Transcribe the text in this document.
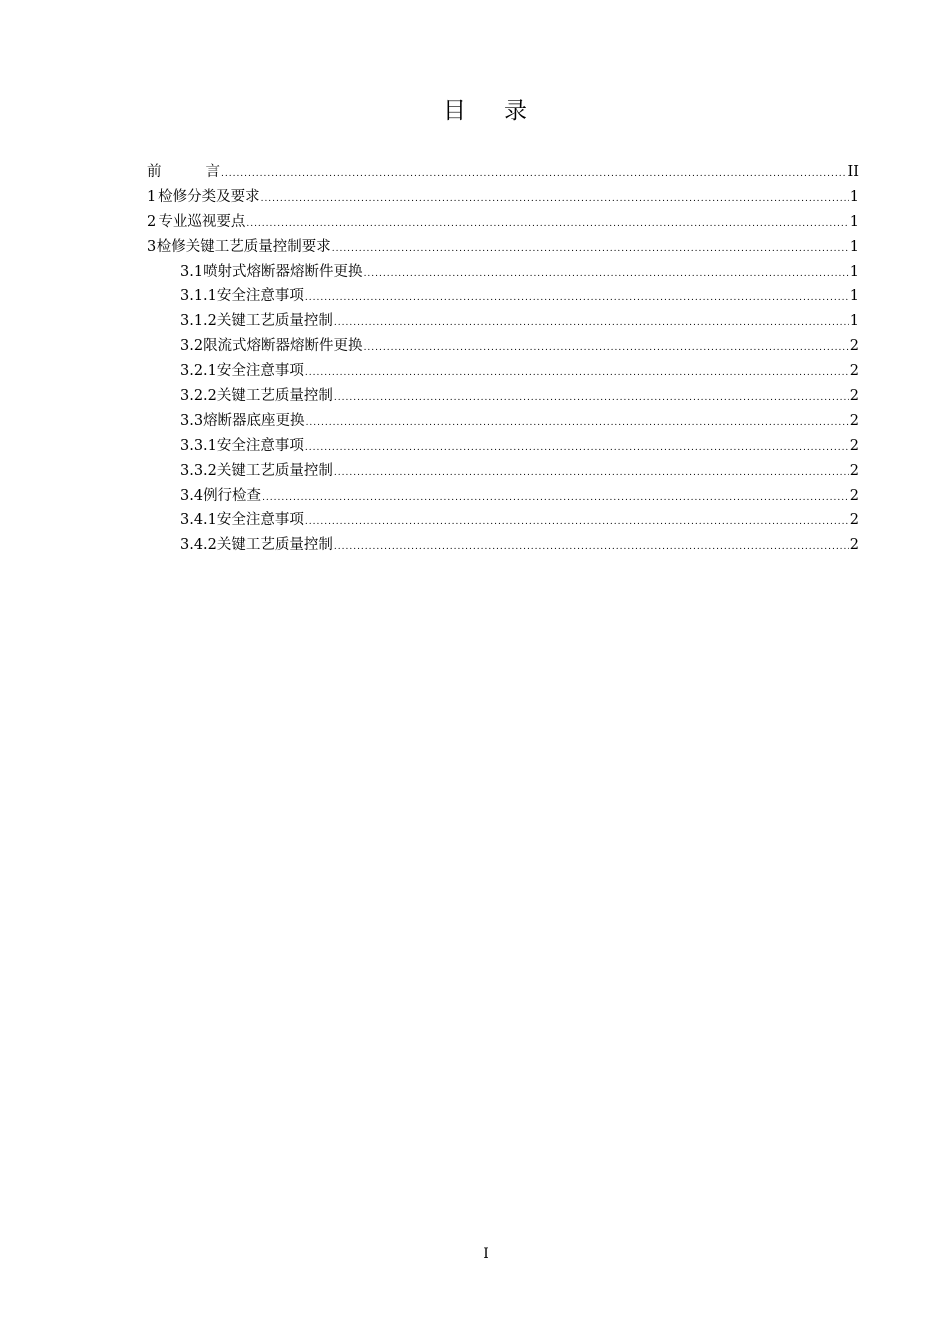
目录
前	言 .....	II
1 检修分类及要求 .....	1
2 专业巡视要点 .....	1
3 检修关键工艺质量控制要求 .....	1
3.1 喷射式熔断器熔断件更换 .....	1
3.1.1 安全注意事项 .....	1
3.1.2 关键工艺质量控制 .....	1
3.2 限流式熔断器熔断件更换 .....	2
3.2.1 安全注意事项 .....	2
3.2.2 关键工艺质量控制 .....	2
3.3 熔断器底座更换 .....	2
3.3.1 安全注意事项 .....	2
3.3.2 关键工艺质量控制 .....	2
3.4 例行检查 .....	2
3.4.1 安全注意事项 .....	2
3.4.2 关键工艺质量控制 .....	2
I
